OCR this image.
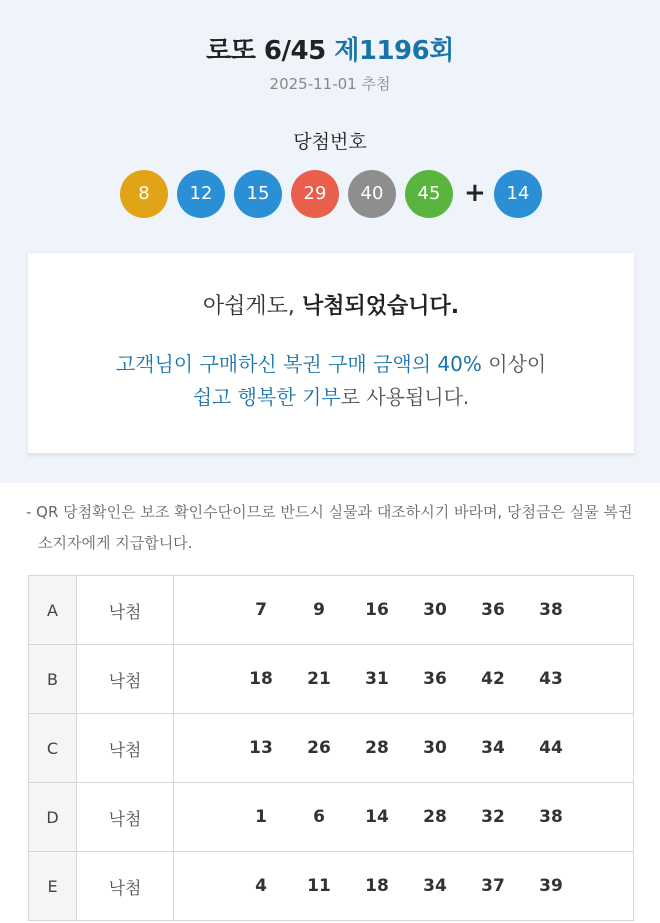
로또 6/45 제1196회
2025-11-01 추첨
당첨번호
8	12	15	29	40	45 +	14
아쉽게도, 낙첨되었습니다.
고객님이 구매하신 복권 구매 금액의 40% 이상이
쉽고 행복한 기부로 사용됩니다.
- QR 당첨확인은 보조 확인수단이므로 반드시 실물과 대조하시기 바라며, 당첨금은 실물 복권소지자에게 지급합니다.
A	낙첨	7 9 16 30 36 38
B	낙첨	18 21 31 36 42 43
C	낙첨	13 26 28 30 34 44
D	낙첨	1 6 14 28 32 38
E	낙첨	4 11 18 34 37 39
